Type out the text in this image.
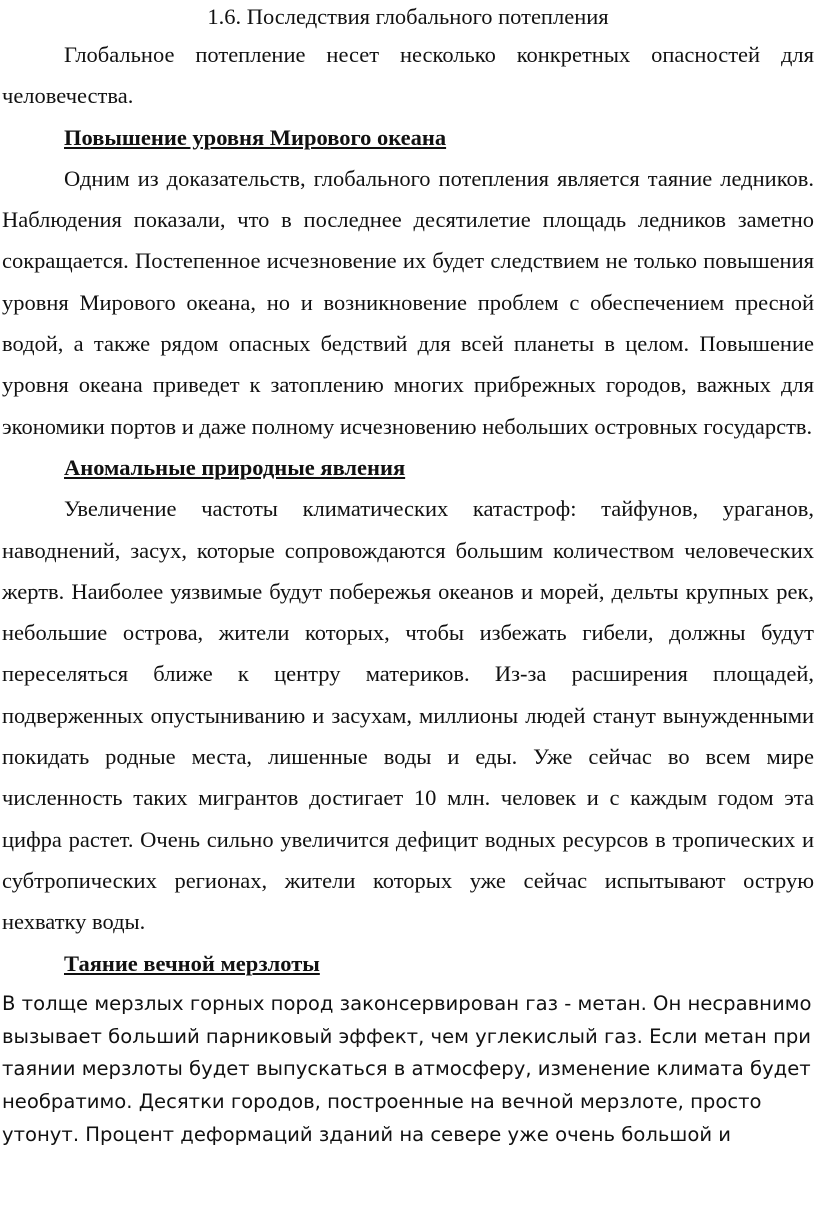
1.6. Последствия глобального потепления

Глобальное потепление несет несколько конкретных опасностей для человечества.

Повышение уровня Мирового океана

Одним из доказательств, глобального потепления является таяние ледников. Наблюдения показали, что в последнее десятилетие площадь ледников заметно сокращается. Постепенное исчезновение их будет следствием не только повышения уровня Мирового океана, но и возникновение проблем с обеспечением пресной водой, а также рядом опасных бедствий для всей планеты в целом. Повышение уровня океана приведет к затоплению многих прибрежных городов, важных для экономики портов и даже полному исчезновению небольших островных государств.

Аномальные природные явления

Увеличение частоты климатических катастроф: тайфунов, ураганов, наводнений, засух, которые сопровождаются большим количеством человеческих жертв. Наиболее уязвимые будут побережья океанов и морей, дельты крупных рек, небольшие острова, жители которых, чтобы избежать гибели, должны будут переселяться ближе к центру материков. Из-за расширения площадей, подверженных опустыниванию и засухам, миллионы людей станут вынужденными покидать родные места, лишенные воды и еды. Уже сейчас во всем мире численность таких мигрантов достигает 10 млн. человек и с каждым годом эта цифра растет. Очень сильно увеличится дефицит водных ресурсов в тропических и субтропических регионах, жители которых уже сейчас испытывают острую нехватку воды.

Таяние вечной мерзлоты

В толще мерзлых горных пород законсервирован газ - метан. Он несравнимо вызывает больший парниковый эффект, чем углекислый газ. Если метан при таянии мерзлоты будет выпускаться в атмосферу, изменение климата будет необратимо. Десятки городов, построенные на вечной мерзлоте, просто утонут. Процент деформаций зданий на севере уже очень большой и
